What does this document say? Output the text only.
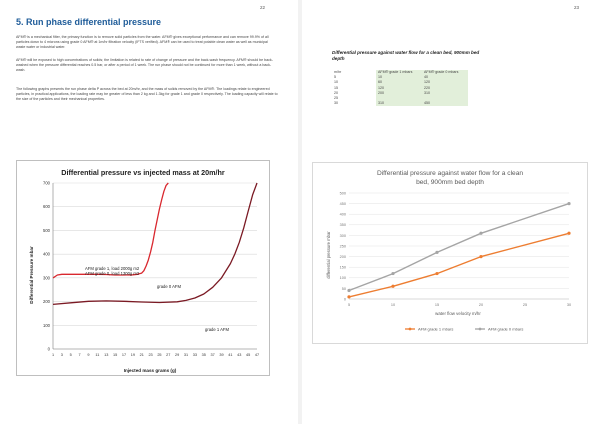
22
5. Run phase differential pressure

AFM® is a mechanical filter, the primary function is to remove solid particles from the water. AFM® gives exceptional performance and can remove 99.9% of all particles down to 4 microns using grade 0 AFM® at 1m/hr filtration velocity (IFTS verified). AFM® can be used to treat potable clean water as well as municipal waste water or industrial water.

AFM® will be exposed to high concentrations of solids; the limitation is related to rate of change of pressure and the back-wash frequency. AFM® should be back-washed when the pressure differential reaches 0.5 bar, or after a period of 1 week. The run phase should not be continued for more than 1 week, without a back-wash.

The following graphs presents the run phase delta P across the bed at 20m/hr, and the mass of solids removed by the AFM®. The loadings relate to engineered particles, in practical applications, the loading rate may be greater of less than 2 kg and 1.3kg for grade 1 and grade 0 respectively. The loading capacity will relate to the size of the particles and their mechanical properties.

Differential pressure vs injected mass at 20m/hr
0
100
200
300
400
500
600
700
1 3 5 7 9 11 13 15 17 19 21 23 25 27 29 31 33 35 37 39 41 43 45 47
AFM grade 1, load 2000g m2
AFM grade 0, load 1300g m2
grade 0 AFM
grade 1 AFM
Injected mass grams (g)
Differential Pressure mbar
23
Differential pressure against water flow for a clean bed, 900mm bed depth
m/hr	AFM® grade 1 mbars	AFM® grade 0 mbars
5	10	40
10	60	120
15	120	220
20	200	310
25		
30	310	450
Differential pressure against water flow for a clean
bed, 900mm bed depth
0
50
100
150
200
250
300
350
400
450
500
5	10	15	20	25	30
water flow velocity m/hr
differential pressure mbar
AFM grade 1 mbars	AFM grade 0 mbars
